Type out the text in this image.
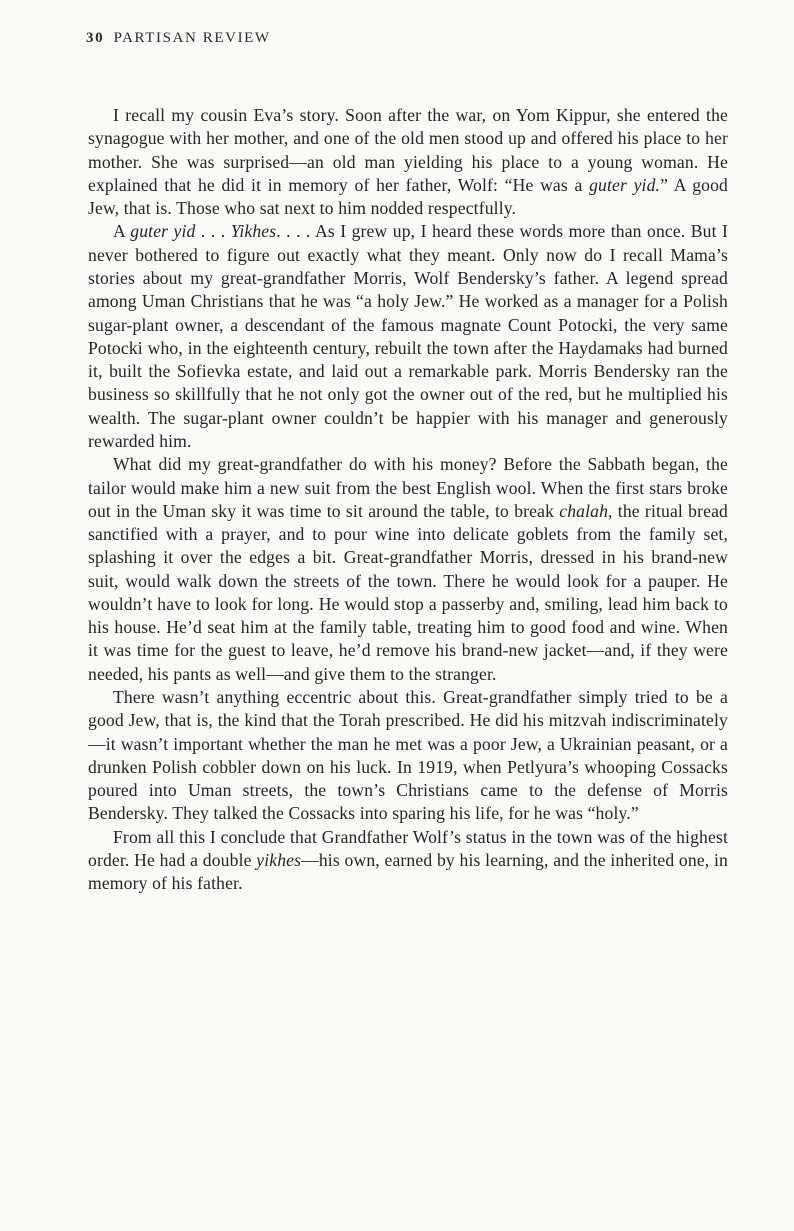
30 PARTISAN REVIEW

I recall my cousin Eva’s story. Soon after the war, on Yom Kippur, she entered the synagogue with her mother, and one of the old men stood up and offered his place to her mother. She was surprised—an old man yielding his place to a young woman. He explained that he did it in memory of her father, Wolf: “He was a guter yid.” A good Jew, that is. Those who sat next to him nodded respectfully.

A guter yid . . . Yikhes. . . . As I grew up, I heard these words more than once. But I never bothered to figure out exactly what they meant. Only now do I recall Mama’s stories about my great-grandfather Morris, Wolf Bendersky’s father. A legend spread among Uman Christians that he was “a holy Jew.” He worked as a manager for a Polish sugar-plant owner, a descendant of the famous magnate Count Potocki, the very same Potocki who, in the eighteenth century, rebuilt the town after the Haydamaks had burned it, built the Sofievka estate, and laid out a remarkable park. Morris Bendersky ran the business so skillfully that he not only got the owner out of the red, but he multiplied his wealth. The sugar-plant owner couldn’t be happier with his manager and generously rewarded him.

What did my great-grandfather do with his money? Before the Sabbath began, the tailor would make him a new suit from the best English wool. When the first stars broke out in the Uman sky it was time to sit around the table, to break chalah, the ritual bread sanctified with a prayer, and to pour wine into delicate goblets from the family set, splashing it over the edges a bit. Great-grandfather Morris, dressed in his brand-new suit, would walk down the streets of the town. There he would look for a pauper. He wouldn’t have to look for long. He would stop a passerby and, smiling, lead him back to his house. He’d seat him at the family table, treating him to good food and wine. When it was time for the guest to leave, he’d remove his brand-new jacket—and, if they were needed, his pants as well—and give them to the stranger.

There wasn’t anything eccentric about this. Great-grandfather simply tried to be a good Jew, that is, the kind that the Torah prescribed. He did his mitzvah indiscriminately—it wasn’t important whether the man he met was a poor Jew, a Ukrainian peasant, or a drunken Polish cobbler down on his luck. In 1919, when Petlyura’s whooping Cossacks poured into Uman streets, the town’s Christians came to the defense of Morris Bendersky. They talked the Cossacks into sparing his life, for he was “holy.”

From all this I conclude that Grandfather Wolf’s status in the town was of the highest order. He had a double yikhes—his own, earned by his learning, and the inherited one, in memory of his father.
